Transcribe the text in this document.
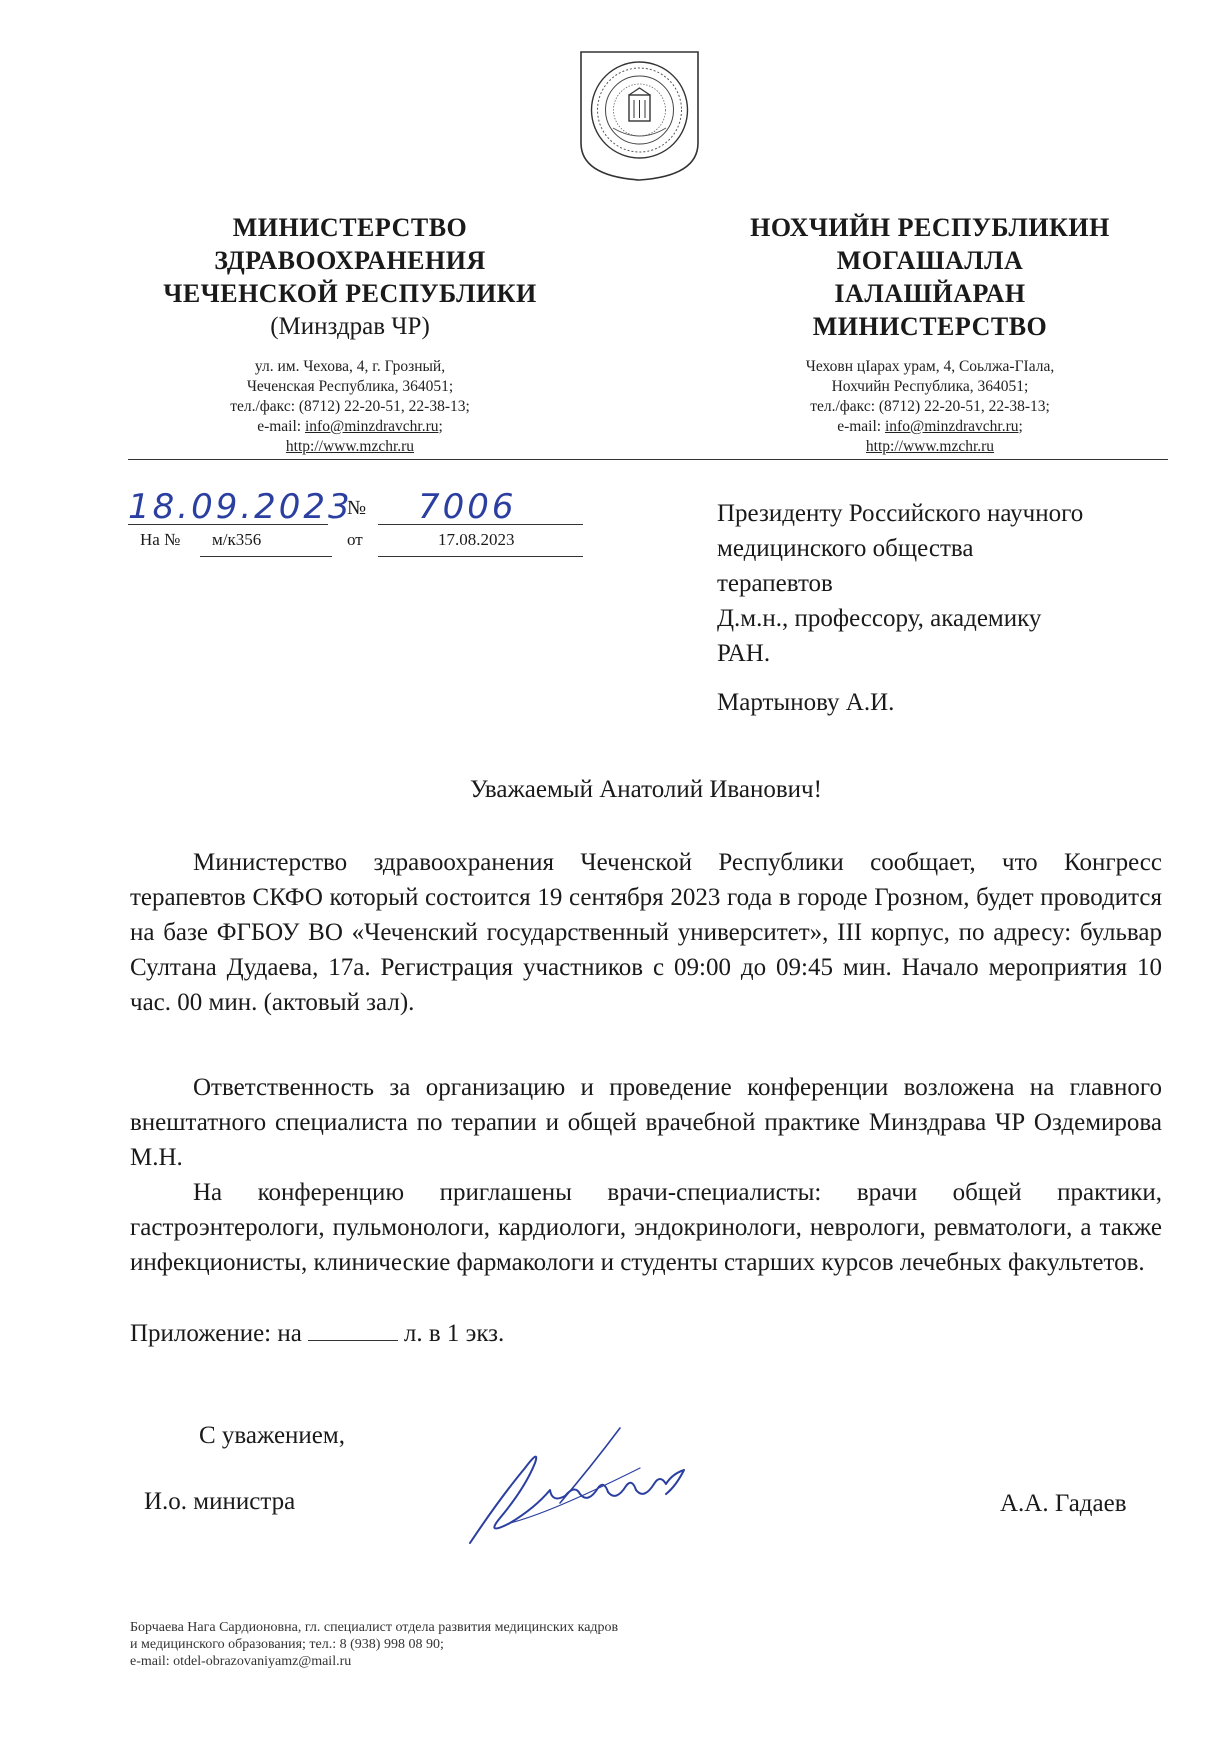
МИНИСТЕРСТВО
ЗДРАВООХРАНЕНИЯ
ЧЕЧЕНСКОЙ РЕСПУБЛИКИ
(Минздрав ЧР)
ул. им. Чехова, 4, г. Грозный,
Чеченская Республика, 364051;
тел./факс: (8712) 22-20-51, 22-38-13;
e-mail: info@minzdravchr.ru;
http://www.mzchr.ru
НОХЧИЙН РЕСПУБЛИКИН
МОГАШАЛЛА
IАЛАШЙАРАН
МИНИСТЕРСТВО
Чеховн цIарах урам, 4, Соьлжа-ГIала,
Нохчийн Республика, 364051;
тел./факс: (8712) 22-20-51, 22-38-13;
e-mail: info@minzdravchr.ru;
http://www.mzchr.ru
18.09.2023
№ 7006
На № м/к356	от	17.08.2023

Президенту Российского научного

медицинского общества

терапевтов

Д.м.н., профессору, академику

РАН.

Мартынову А.И.

Уважаемый Анатолий Иванович!

Министерство здравоохранения Чеченской Республики сообщает, что Конгресс терапевтов СКФО который состоится 19 сентября 2023 года в городе Грозном, будет проводится на базе ФГБОУ ВО «Чеченский государственный университет», III корпус, по адресу: бульвар Султана Дудаева, 17а. Регистрация участников с 09:00 до 09:45 мин. Начало мероприятия 10 час. 00 мин. (актовый зал).

Ответственность за организацию и проведение конференции возложена на главного внештатного специалиста по терапии и общей врачебной практике Минздрава ЧР Оздемирова М.Н.

На конференцию приглашены врачи-специалисты: врачи общей практики, гастроэнтерологи, пульмонологи, кардиологи, эндокринологи, неврологи, ревматологи, а также инфекционисты, клинические фармакологи и студенты старших курсов лечебных факультетов.

Приложение: на	л. в 1 экз.
С уважением,
И.о. министра	А.А. Гадаев
Борчаева Нага Сардионовна, гл. специалист отдела развития медицинских кадров
и медицинского образования; тел.: 8 (938) 998 08 90;
e-mail: otdel-obrazovaniyamz@mail.ru
